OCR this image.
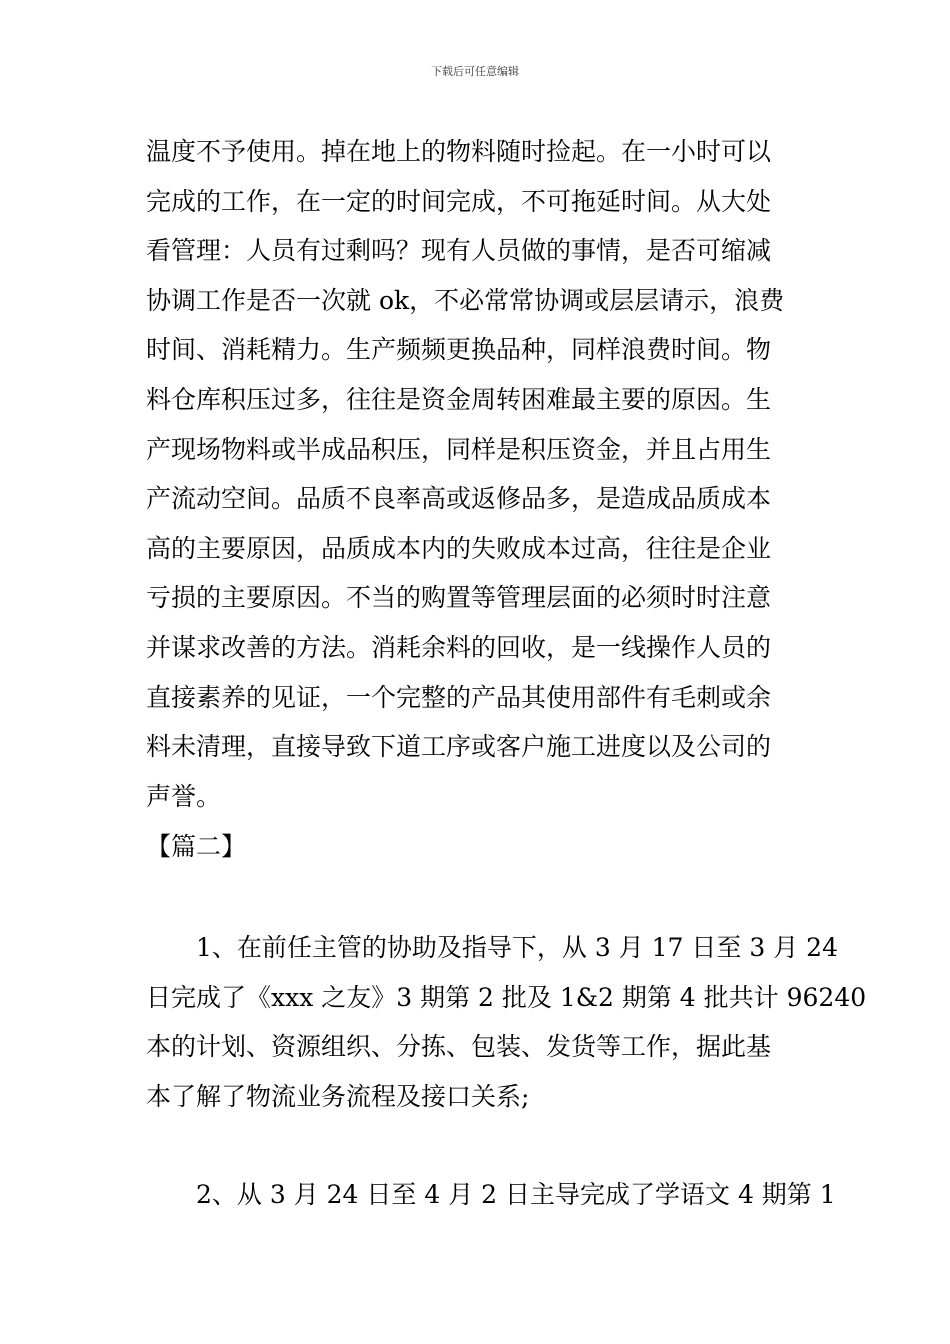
下载后可任意编辑
温度不予使用。掉在地上的物料随时捡起。在一小时可以
完成的工作，在一定的时间完成，不可拖延时间。从大处
看管理：人员有过剩吗？现有人员做的事情，是否可缩减
协调工作是否一次就 ok，不必常常协调或层层请示，浪费
时间、消耗精力。生产频频更换品种，同样浪费时间。物
料仓库积压过多，往往是资金周转困难最主要的原因。生
产现场物料或半成品积压，同样是积压资金，并且占用生
产流动空间。品质不良率高或返修品多，是造成品质成本
高的主要原因，品质成本内的失败成本过高，往往是企业
亏损的主要原因。不当的购置等管理层面的必须时时注意
并谋求改善的方法。消耗余料的回收，是一线操作人员的
直接素养的见证，一个完整的产品其使用部件有毛刺或余
料未清理，直接导致下道工序或客户施工进度以及公司的
声誉。
【篇二】
　　1、在前任主管的协助及指导下，从 3 月 17 日至 3 月 24
日完成了《xxx 之友》3 期第 2 批及 1&2 期第 4 批共计 96240
本的计划、资源组织、分拣、包装、发货等工作，据此基
本了解了物流业务流程及接口关系;
　　2、从 3 月 24 日至 4 月 2 日主导完成了学语文 4 期第 1
